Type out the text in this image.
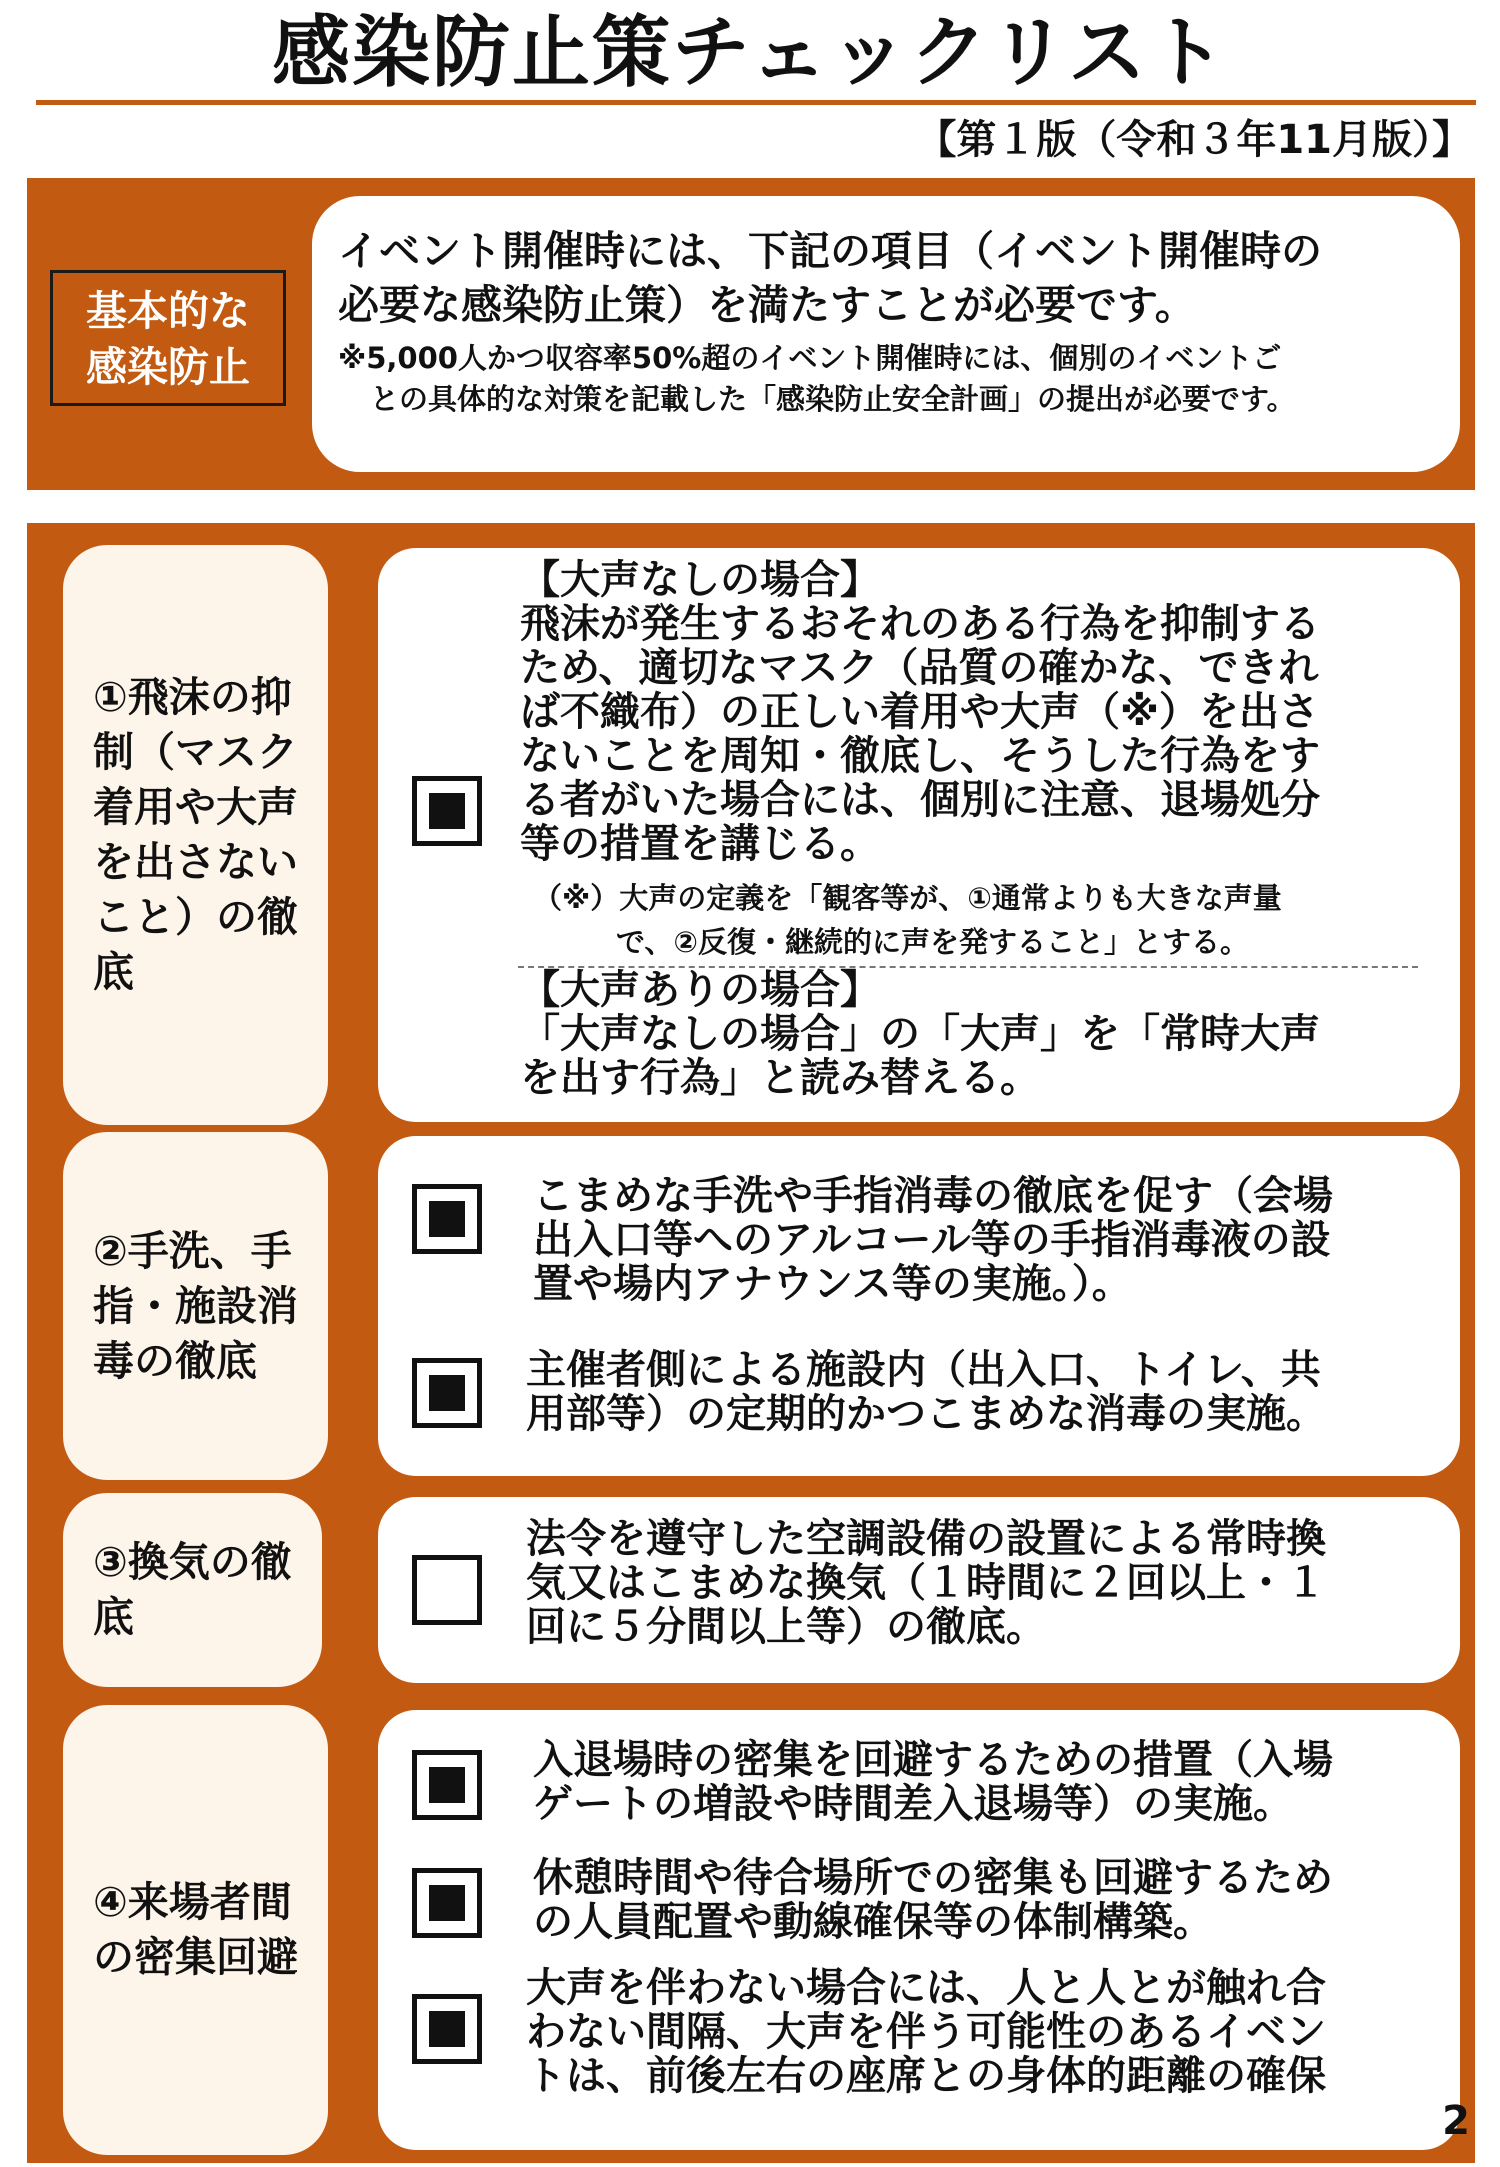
感染防止策チェックリスト
【第１版（令和３年11月版）】
基本的な
感染防止

イベント開催時には、下記の項目（イベント開催時の

必要な感染防止策）を満たすことが必要です。

※5,000人かつ収容率50%超のイベント開催時には、個別のイベントご
との具体的な対策を記載した「感染防止安全計画」の提出が必要です。

①飛沫の抑
制（マスク
着用や大声
を出さない
こと）の徹
底

【大声なしの場合】

飛沫が発生するおそれのある行為を抑制する

ため、適切なマスク（品質の確かな、できれ

ば不織布）の正しい着用や大声（※）を出さ

ないことを周知・徹底し、そうした行為をす

る者がいた場合には、個別に注意、退場処分

等の措置を講じる。

（※）大声の定義を「観客等が、①通常よりも大きな声量

で、②反復・継続的に声を発すること」とする。

【大声ありの場合】

「大声なしの場合」の「大声」を「常時大声

を出す行為」と読み替える。

②手洗、手
指・施設消
毒の徹底

こまめな手洗や手指消毒の徹底を促す（会場

出入口等へのアルコール等の手指消毒液の設

置や場内アナウンス等の実施。）。

主催者側による施設内（出入口、トイレ、共

用部等）の定期的かつこまめな消毒の実施。

③換気の徹
底

法令を遵守した空調設備の設置による常時換

気又はこまめな換気（１時間に２回以上・１

回に５分間以上等）の徹底。

④来場者間
の密集回避

入退場時の密集を回避するための措置（入場

ゲートの増設や時間差入退場等）の実施。

休憩時間や待合場所での密集も回避するため

の人員配置や動線確保等の体制構築。

大声を伴わない場合には、人と人とが触れ合

わない間隔、大声を伴う可能性のあるイベン

トは、前後左右の座席との身体的距離の確保

2
